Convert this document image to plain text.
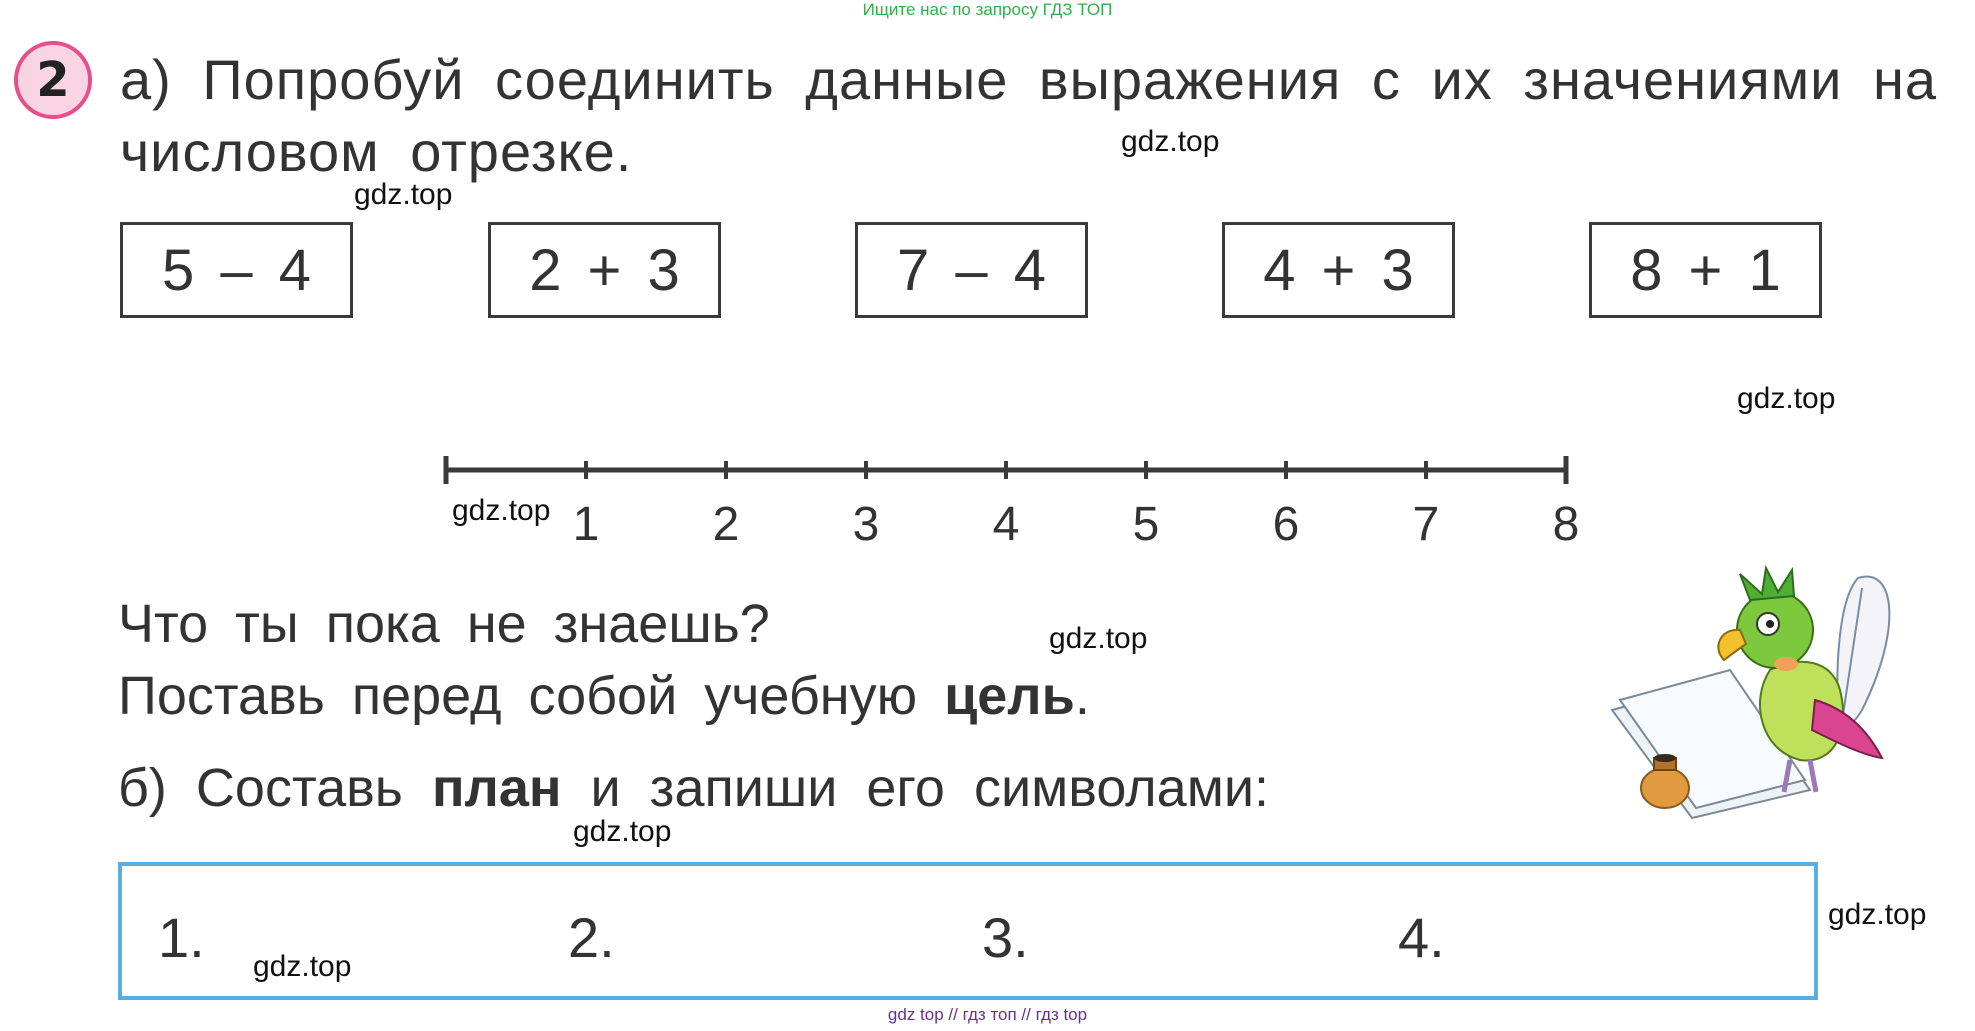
Ищите нас по запросу ГДЗ ТОП
2 а) Попробуй соединить данные выражения с их значениями на числовом отрезке.
5 – 4	2 + 3	7 – 4	4 + 3	8 + 1
1 2 3 4 5 6 7 8
Что ты пока не знаешь?
Поставь перед собой учебную цель.
б) Составь план и запиши его символами:
1.	2.	3.	4.
gdz.top
gdz.top
gdz.top
gdz.top
gdz.top
gdz.top
gdz.top
gdz.top
gdz top // гдз топ // гдз top
